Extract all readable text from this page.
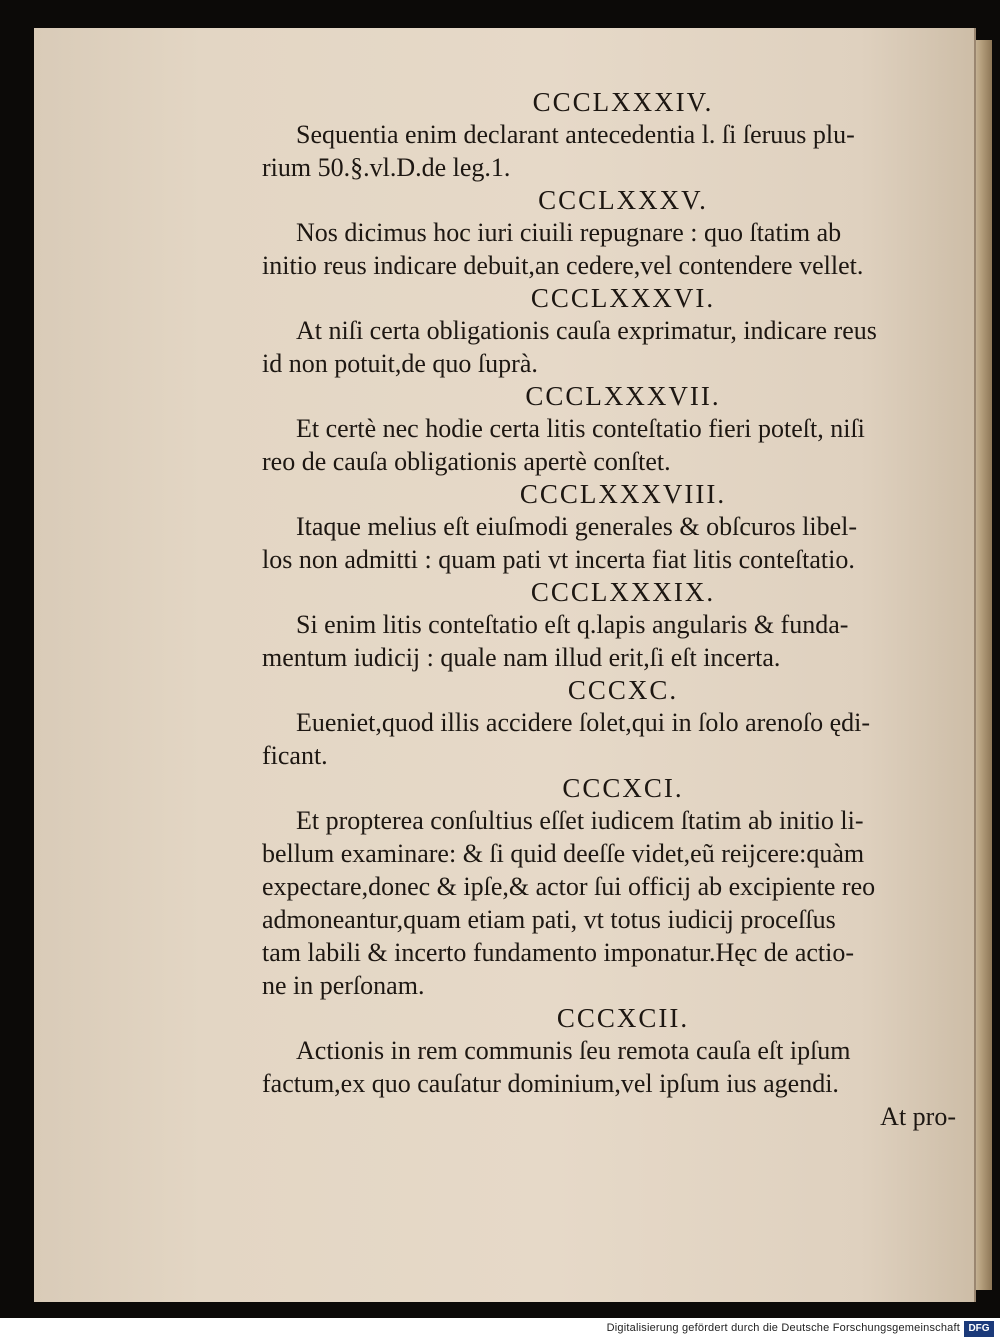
CCCLXXXIV.
Sequentia enim declarant antecedentia l. ſi ſeruus plu-
rium 50.§.vl.D.de leg.1.
CCCLXXXV.
Nos dicimus hoc iuri ciuili repugnare : quo ſtatim ab
initio reus indicare debuit,an cedere,vel contendere vellet.
CCCLXXXVI.
At niſi certa obligationis cauſa exprimatur, indicare reus
id non potuit,de quo ſuprà.
CCCLXXXVII.
Et certè nec hodie certa litis conteſtatio fieri poteſt, niſi
reo de cauſa obligationis apertè conſtet.
CCCLXXXVIII.
Itaque melius eſt eiuſmodi generales & obſcuros libel-
los non admitti : quam pati vt incerta fiat litis conteſtatio.
CCCLXXXIX.
Si enim litis conteſtatio eſt q.lapis angularis & funda-
mentum iudicij : quale nam illud erit,ſi eſt incerta.
CCCXC.
Eueniet,quod illis accidere ſolet,qui in ſolo arenoſo ędi-
ficant.
CCCXCI.
Et propterea conſultius eſſet iudicem ſtatim ab initio li-
bellum examinare: & ſi quid deeſſe videt,eũ reijcere:quàm
expectare,donec & ipſe,& actor ſui officij ab excipiente reo
admoneantur,quam etiam pati, vt totus iudicij proceſſus
tam labili & incerto fundamento imponatur.Hęc de actio-
ne in perſonam.
CCCXCII.
Actionis in rem communis ſeu remota cauſa eſt ipſum
factum,ex quo cauſatur dominium,vel ipſum ius agendi.
At pro-
Digitalisierung gefördert durch die Deutsche Forschungsgemeinschaft DFG
